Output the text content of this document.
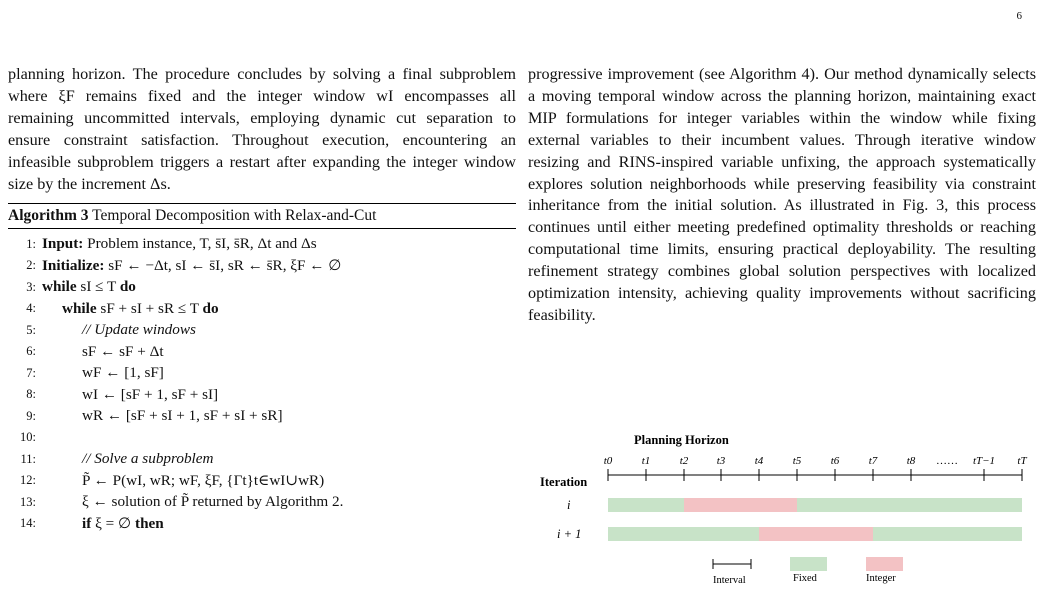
6

planning horizon. The procedure concludes by solving a final subproblem where ξF remains fixed and the integer window wI encompasses all remaining uncommitted intervals, employing dynamic cut separation to ensure constraint satisfaction. Throughout execution, encountering an infeasible subproblem triggers a restart after expanding the integer window size by the increment Δs.

Algorithm 3 Temporal Decomposition with Relax-and-Cut
1: Input: Problem instance, T, s̄I, s̄R, Δt and Δs
2: Initialize: sF ← −Δt, sI ← s̄I, sR ← s̄R, ξF ← ∅
3: while sI ≤ T do
4:	while sF + sI + sR ≤ T do
5:	// Update windows
6:	sF ← sF + Δt
7:	wF ← [1, sF]
8:	wI ← [sF + 1, sF + sI]
9:	wR ← [sF + sI + 1, sF + sI + sR]
10:
11:	// Solve a subproblem
12:	P̃ ← P(wI, wR; wF, ξF, {Γt}t∈wI∪wR)
13:	ξ ← solution of P̃ returned by Algorithm 2.
14:	if ξ = ∅ then

progressive improvement (see Algorithm 4). Our method dynamically selects a moving temporal window across the planning horizon, maintaining exact MIP formulations for integer variables within the window while fixing external variables to their incumbent values. Through iterative window resizing and RINS-inspired variable unfixing, the approach systematically explores solution neighborhoods while preserving feasibility via constraint inheritance from the initial solution. As illustrated in Fig. 3, this process continues until either meeting predefined optimality thresholds or reaching computational time limits, ensuring practical deployability. The resulting refinement strategy combines global solution perspectives with localized optimization intensity, achieving quality improvements without sacrificing feasibility.

Planning Horizon
Iteration
t0	t1	t2	t3	t4	t5	t6	t7	t8 …… tT−1 tT
i
i + 1
Interval	Fixed	Integer
